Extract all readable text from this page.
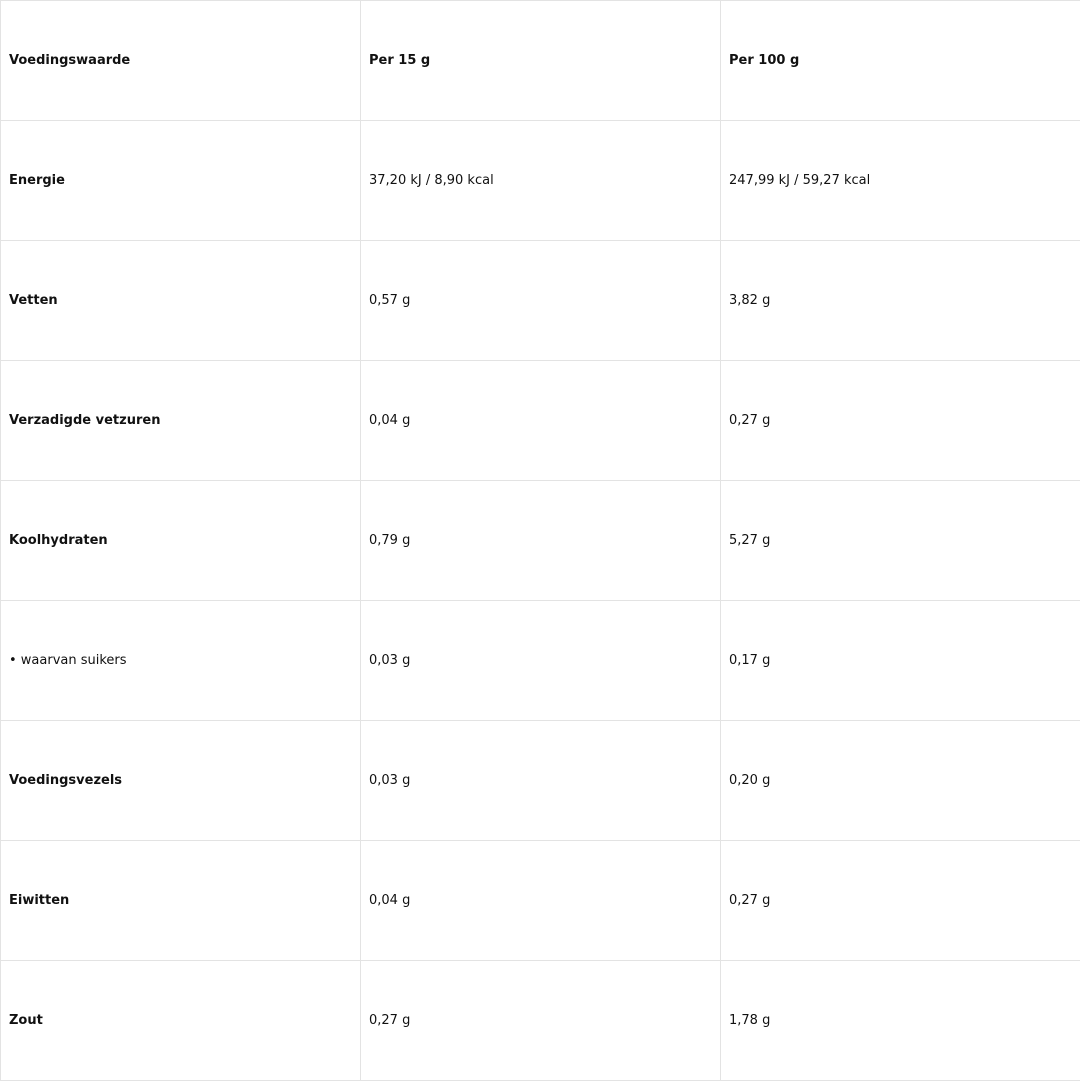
Voedingswaarde	Per 15 g	Per 100 g
Energie	37,20 kJ / 8,90 kcal	247,99 kJ / 59,27 kcal
Vetten	0,57 g	3,82 g
Verzadigde vetzuren	0,04 g	0,27 g
Koolhydraten	0,79 g	5,27 g
• waarvan suikers	0,03 g	0,17 g
Voedingsvezels	0,03 g	0,20 g
Eiwitten	0,04 g	0,27 g
Zout	0,27 g	1,78 g
